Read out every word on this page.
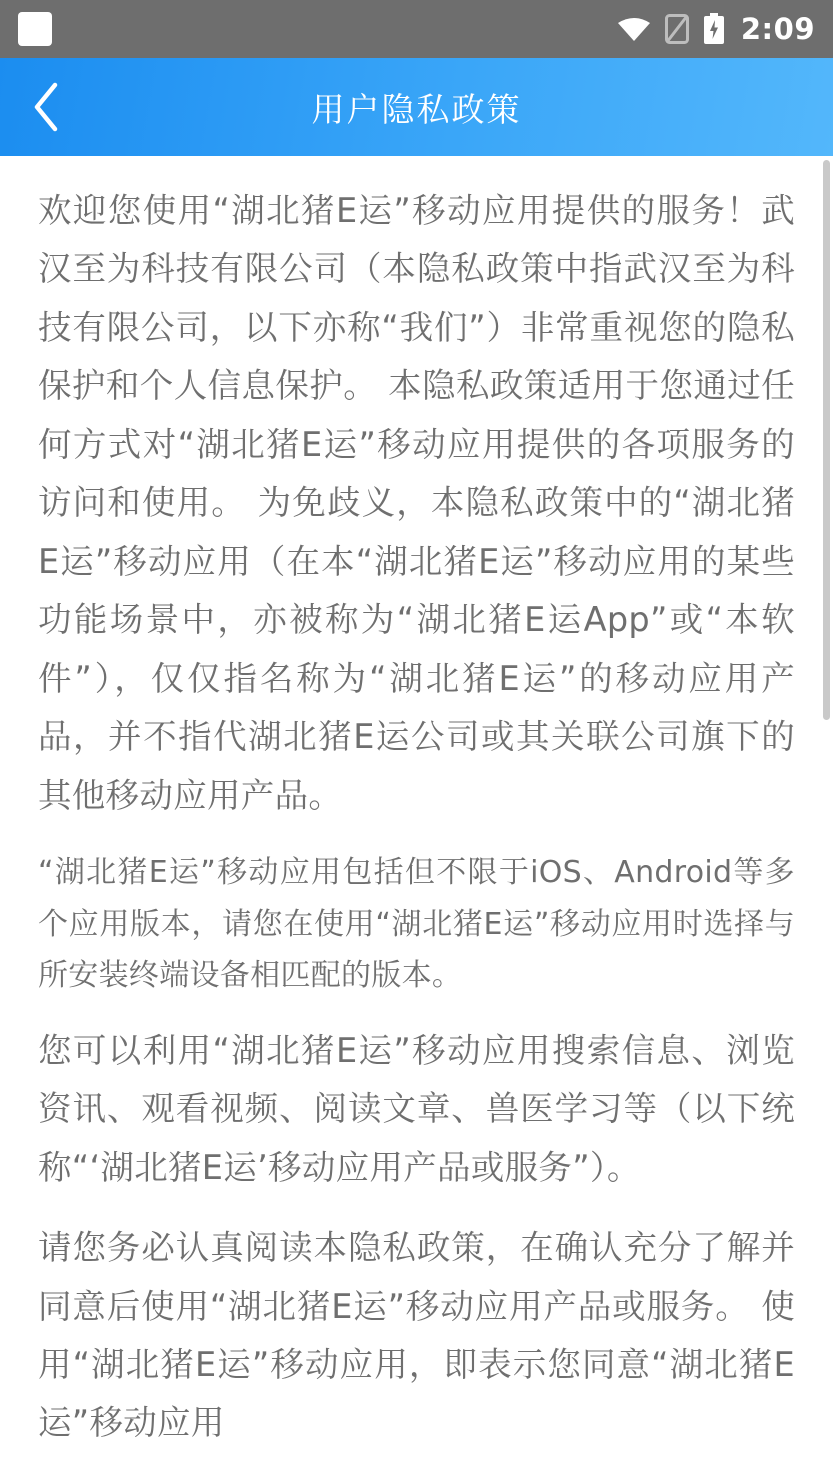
2:09
用户隐私政策

欢迎您使用“湖北猪E运”移动应用提供的服务！武汉至为科技有限公司（本隐私政策中指武汉至为科技有限公司，以下亦称“我们”）非常重视您的隐私保护和个人信息保护。 本隐私政策适用于您通过任何方式对“湖北猪E运”移动应用提供的各项服务的访问和使用。 为免歧义，本隐私政策中的“湖北猪E运”移动应用（在本“湖北猪E运”移动应用的某些功能场景中，亦被称为“湖北猪E运App”或“本软件”），仅仅指名称为“湖北猪E运”的移动应用产品，并不指代湖北猪E运公司或其关联公司旗下的其他移动应用产品。

“湖北猪E运”移动应用包括但不限于iOS、Android等多个应用版本，请您在使用“湖北猪E运”移动应用时选择与所安装终端设备相匹配的版本。

您可以利用“湖北猪E运”移动应用搜索信息、浏览资讯、观看视频、阅读文章、兽医学习等（以下统称“‘湖北猪E运’移动应用产品或服务”）。

请您务必认真阅读本隐私政策，在确认充分了解并同意后使用“湖北猪E运”移动应用产品或服务。 使用“湖北猪E运”移动应用，即表示您同意“湖北猪E运”移动应用
